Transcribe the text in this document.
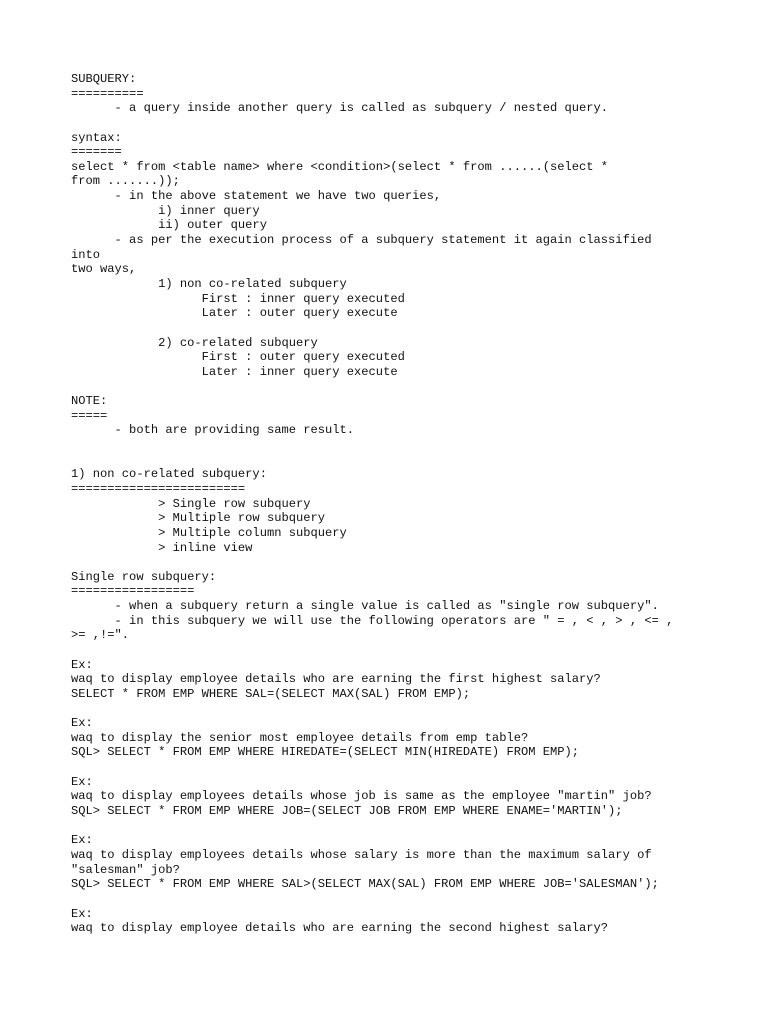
SUBQUERY:
==========
- a query inside another query is called as subquery / nested query.
syntax:
=======
select * from <table name> where <condition>(select * from ......(select *
from .......));
- in the above statement we have two queries,
i) inner query
ii) outer query
- as per the execution process of a subquery statement it again classified
into
two ways,
1) non co-related subquery
First : inner query executed
Later : outer query execute
2) co-related subquery
First : outer query executed
Later : inner query execute
NOTE:
=====
- both are providing same result.
1) non co-related subquery:
========================
> Single row subquery
> Multiple row subquery
> Multiple column subquery
> inline view
Single row subquery:
=================
- when a subquery return a single value is called as "single row subquery".
- in this subquery we will use the following operators are " = , < , > , <= ,
>= ,!=".
Ex:
waq to display employee details who are earning the first highest salary?
SELECT * FROM EMP WHERE SAL=(SELECT MAX(SAL) FROM EMP);
Ex:
waq to display the senior most employee details from emp table?
SQL> SELECT * FROM EMP WHERE HIREDATE=(SELECT MIN(HIREDATE) FROM EMP);
Ex:
waq to display employees details whose job is same as the employee "martin" job?
SQL> SELECT * FROM EMP WHERE JOB=(SELECT JOB FROM EMP WHERE ENAME='MARTIN');
Ex:
waq to display employees details whose salary is more than the maximum salary of
"salesman" job?
SQL> SELECT * FROM EMP WHERE SAL>(SELECT MAX(SAL) FROM EMP WHERE JOB='SALESMAN');
Ex:
waq to display employee details who are earning the second highest salary?
